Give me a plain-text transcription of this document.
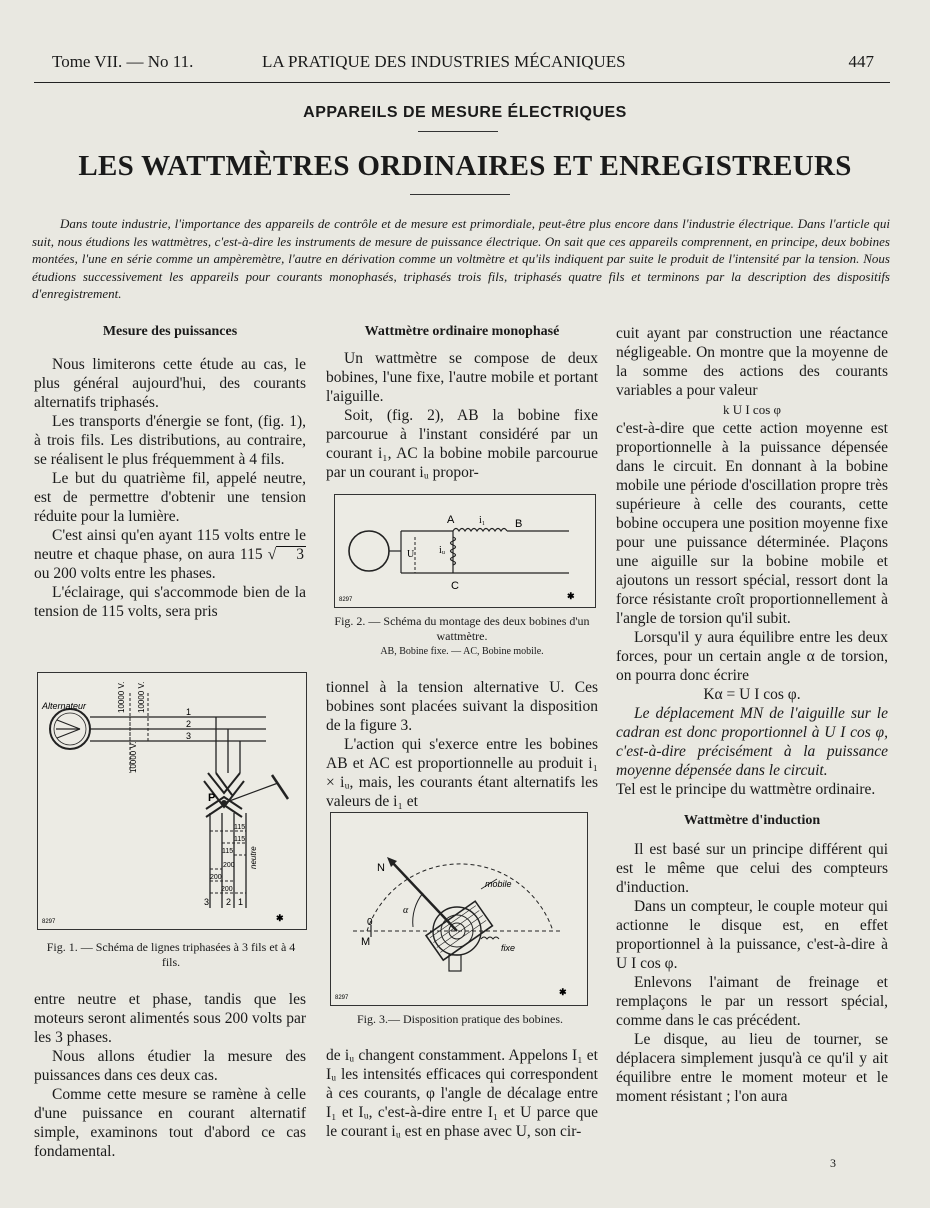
Tome VII. — No 11.	LA PRATIQUE DES INDUSTRIES MÉCANIQUES	447
APPAREILS DE MESURE ÉLECTRIQUES
LES WATTMÈTRES ORDINAIRES ET ENREGISTREURS
Dans toute industrie, l'importance des appareils de contrôle et de mesure est primordiale, peut-être plus encore dans l'industrie électrique. Dans l'article qui suit, nous étudions les wattmètres, c'est-à-dire les instruments de mesure de puissance électrique. On sait que ces appareils comprennent, en principe, deux bobines montées, l'une en série comme un ampèremètre, l'autre en dérivation comme un voltmètre et qu'ils indiquent par suite le produit de l'intensité par la tension. Nous étudions successivement les appareils pour courants monophasés, triphasés trois fils, triphasés quatre fils et terminons par la description des dispositifs d'enregistrement.
Mesure des puissances

Nous limiterons cette étude au cas, le plus général aujourd'hui, des courants alternatifs triphasés.

Les transports d'énergie se font, (fig. 1), à trois fils. Les distributions, au contraire, se réalisent le plus fréquemment à 4 fils.

Le but du quatrième fil, appelé neutre, est de permettre d'obtenir une tension réduite pour la lumière.

C'est ainsi qu'en ayant 115 volts entre le neutre et chaque phase, on aura 115 √ 3 ou 200 volts entre les phases.

L'éclairage, qui s'accommode bien de la tension de 115 volts, sera pris

Alternateur	10000 V. 10000 V.
10000 V.
1
2
3
P
115
115
115
200
200
200
neutre
3 2 1
8297	✱
Fig. 1. — Schéma de lignes triphasées à 3 fils et à 4 fils.

entre neutre et phase, tandis que les moteurs seront alimentés sous 200 volts par les 3 phases.

Nous allons étudier la mesure des puissances dans ces deux cas.

Comme cette mesure se ramène à celle d'une puissance en courant alternatif simple, examinons tout d'abord ce cas fondamental.

Wattmètre ordinaire monophasé

Un wattmètre se compose de deux bobines, l'une fixe, l'autre mobile et portant l'aiguille.

Soit, (fig. 2), AB la bobine fixe parcourue à l'instant considéré par un courant i₁, AC la bobine mobile parcourue par un courant iᵤ propor-

A	B
C
i₁
iᵤ
U
8297	✱
Fig. 2. — Schéma du montage des deux bobines d'un wattmètre.
AB, Bobine fixe. — AC, Bobine mobile.

tionnel à la tension alternative U. Ces bobines sont placées suivant la disposition de la figure 3.

L'action qui s'exerce entre les bobines AB et AC est proportionnelle au produit i₁ × iᵤ, mais, les courants étant alternatifs les valeurs de i₁ et

N
M
0
α
mobile
fixe
8297
✱
Fig. 3.— Disposition pratique des bobines.

de iᵤ changent constamment. Appelons I₁ et Iᵤ les intensités efficaces qui correspondent à ces courants, φ l'angle de décalage entre I₁ et Iᵤ, c'est-à-dire entre I₁ et U parce que le courant iᵤ est en phase avec U, son cir-

cuit ayant par construction une réactance négligeable. On montre que la moyenne de la somme des actions des courants variables a pour valeur

k U I cos φ

c'est-à-dire que cette action moyenne est proportionnelle à la puissance dépensée dans le circuit. En donnant à la bobine mobile une période d'oscillation propre très supérieure à celle des courants, cette bobine occupera une position moyenne fixe pour une puissance déterminée. Plaçons une aiguille sur la bobine mobile et ajoutons un ressort spécial, ressort dont la force résistante croît proportionnellement à l'angle de torsion qu'il subit.

Lorsqu'il y aura équilibre entre les deux forces, pour un certain angle α de torsion, on pourra donc écrire

Kα = U I cos φ.

Le déplacement MN de l'aiguille sur le cadran est donc proportionnel à U I cos φ, c'est-à-dire précisément à la puissance moyenne dépensée dans le circuit.

Tel est le principe du wattmètre ordinaire.

Wattmètre d'induction

Il est basé sur un principe différent qui est le même que celui des compteurs d'induction.

Dans un compteur, le couple moteur qui actionne le disque est, en effet proportionnel à la puissance, c'est-à-dire à U I cos φ.

Enlevons l'aimant de freinage et remplaçons le par un ressort spécial, comme dans le cas précédent.

Le disque, au lieu de tourner, se déplacera simplement jusqu'à ce qu'il y ait équilibre entre le moment moteur et le moment résistant ; l'on aura

3
